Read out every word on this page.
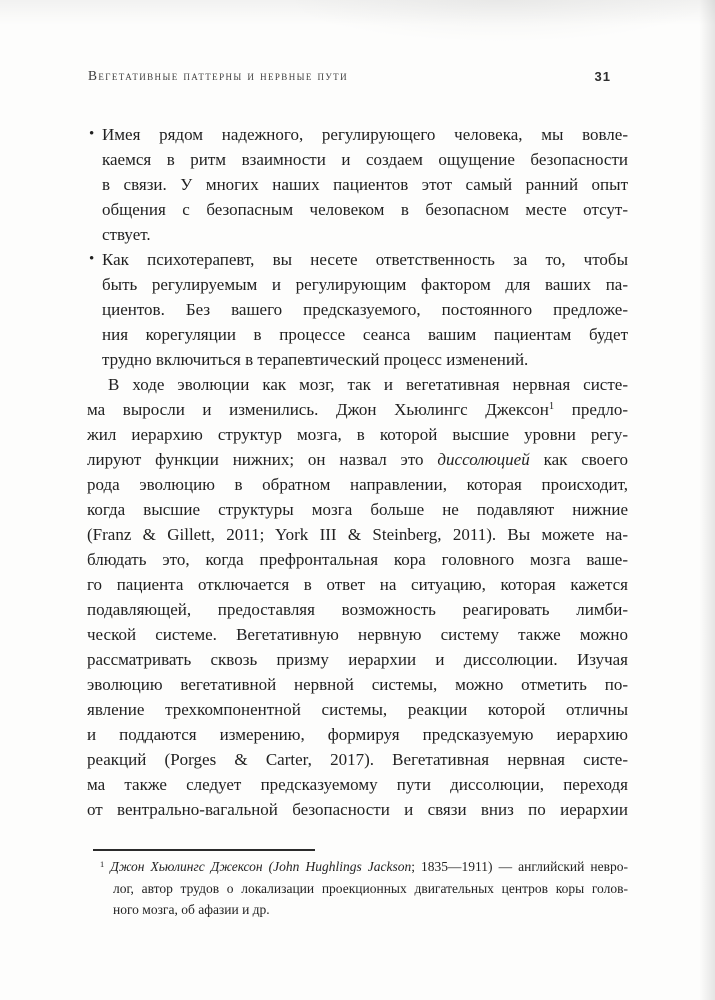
Вегетативные паттерны и нервные пути	31
• Имея рядом надежного, регулирующего человека, мы вовле-
каемся в ритм взаимности и создаем ощущение безопасности
в связи. У многих наших пациентов этот самый ранний опыт
общения с безопасным человеком в безопасном месте отсут-
ствует.
• Как психотерапевт, вы несете ответственность за то, чтобы
быть регулируемым и регулирующим фактором для ваших па-
циентов. Без вашего предсказуемого, постоянного предложе-
ния корегуляции в процессе сеанса вашим пациентам будет
трудно включиться в терапевтический процесс изменений.
В ходе эволюции как мозг, так и вегетативная нервная систе-
ма выросли и изменились. Джон Хьюлингс Джексон$^1$ предло-
жил иерархию структур мозга, в которой высшие уровни регу-
лируют функции нижних; он назвал это диссолюцией как своего
рода эволюцию в обратном направлении, которая происходит,
когда высшие структуры мозга больше не подавляют нижние
(Franz & Gillett, 2011; York III & Steinberg, 2011). Вы можете на-
блюдать это, когда префронтальная кора головного мозга ваше-
го пациента отключается в ответ на ситуацию, которая кажется
подавляющей, предоставляя возможность реагировать лимби-
ческой системе. Вегетативную нервную систему также можно
рассматривать сквозь призму иерархии и диссолюции. Изучая
эволюцию вегетативной нервной системы, можно отметить по-
явление трехкомпонентной системы, реакции которой отличны
и поддаются измерению, формируя предсказуемую иерархию
реакций (Porges & Carter, 2017). Вегетативная нервная систе-
ма также следует предсказуемому пути диссолюции, переходя
от вентрально-вагальной безопасности и связи вниз по иерархии
$^1$ Джон Хьюлингс Джексон (John Hughlings Jackson; 1835—1911) — английский невро-
лог, автор трудов о локализации проекционных двигательных центров коры голов-
ного мозга, об афазии и др.
